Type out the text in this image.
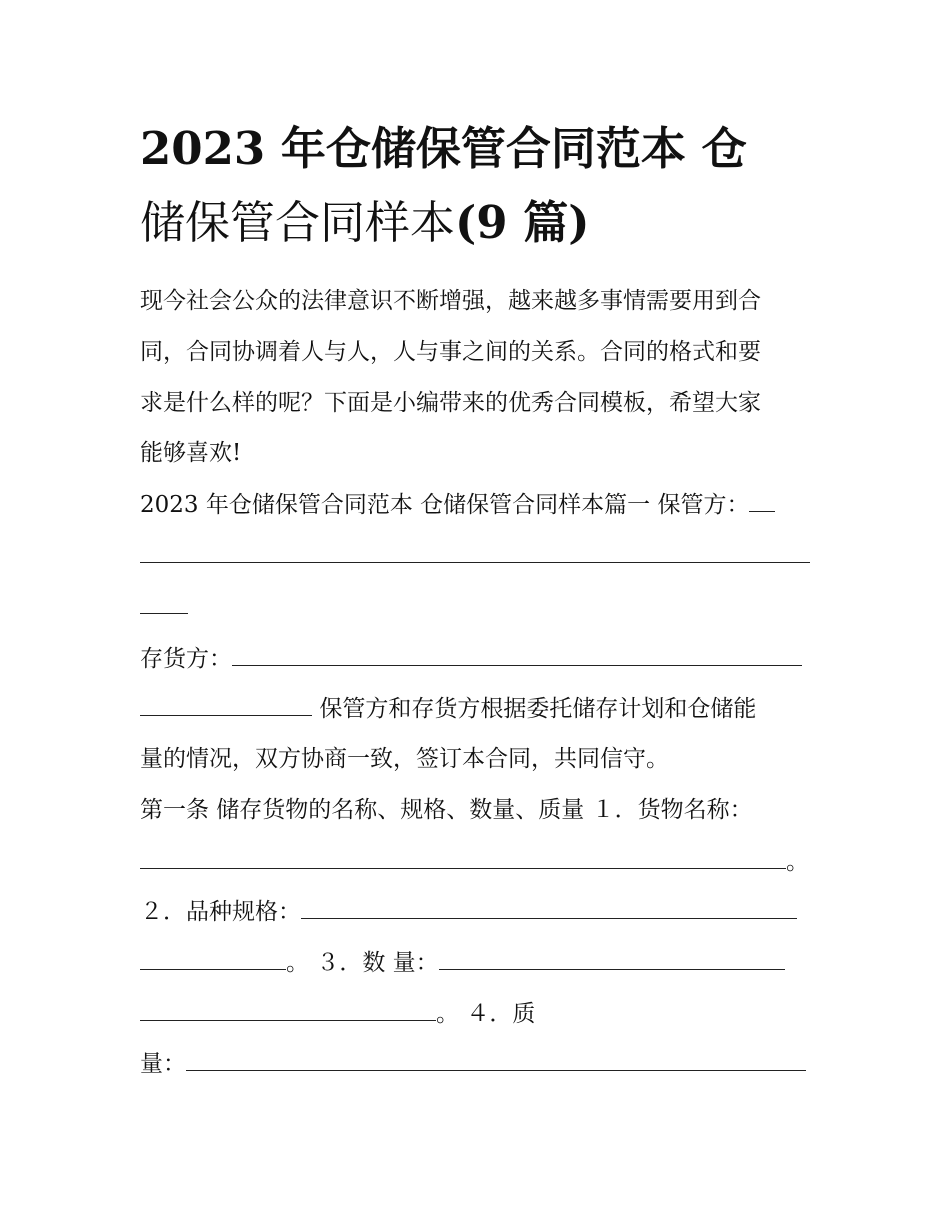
2023 年仓储保管合同范本 仓
储保管合同样本(9 篇)
现今社会公众的法律意识不断增强，越来越多事情需要用到合
同，合同协调着人与人，人与事之间的关系。合同的格式和要
求是什么样的呢？下面是小编带来的优秀合同模板，希望大家
能够喜欢!
2023 年仓储保管合同范本 仓储保管合同样本篇一 保管方：
存货方：
保管方和存货方根据委托储存计划和仓储能
量的情况，双方协商一致，签订本合同，共同信守。
第一条 储存货物的名称、规格、数量、质量 １．货物名称：
。
２．品种规格：
。 ３．数 量：
。 ４．质
量：
